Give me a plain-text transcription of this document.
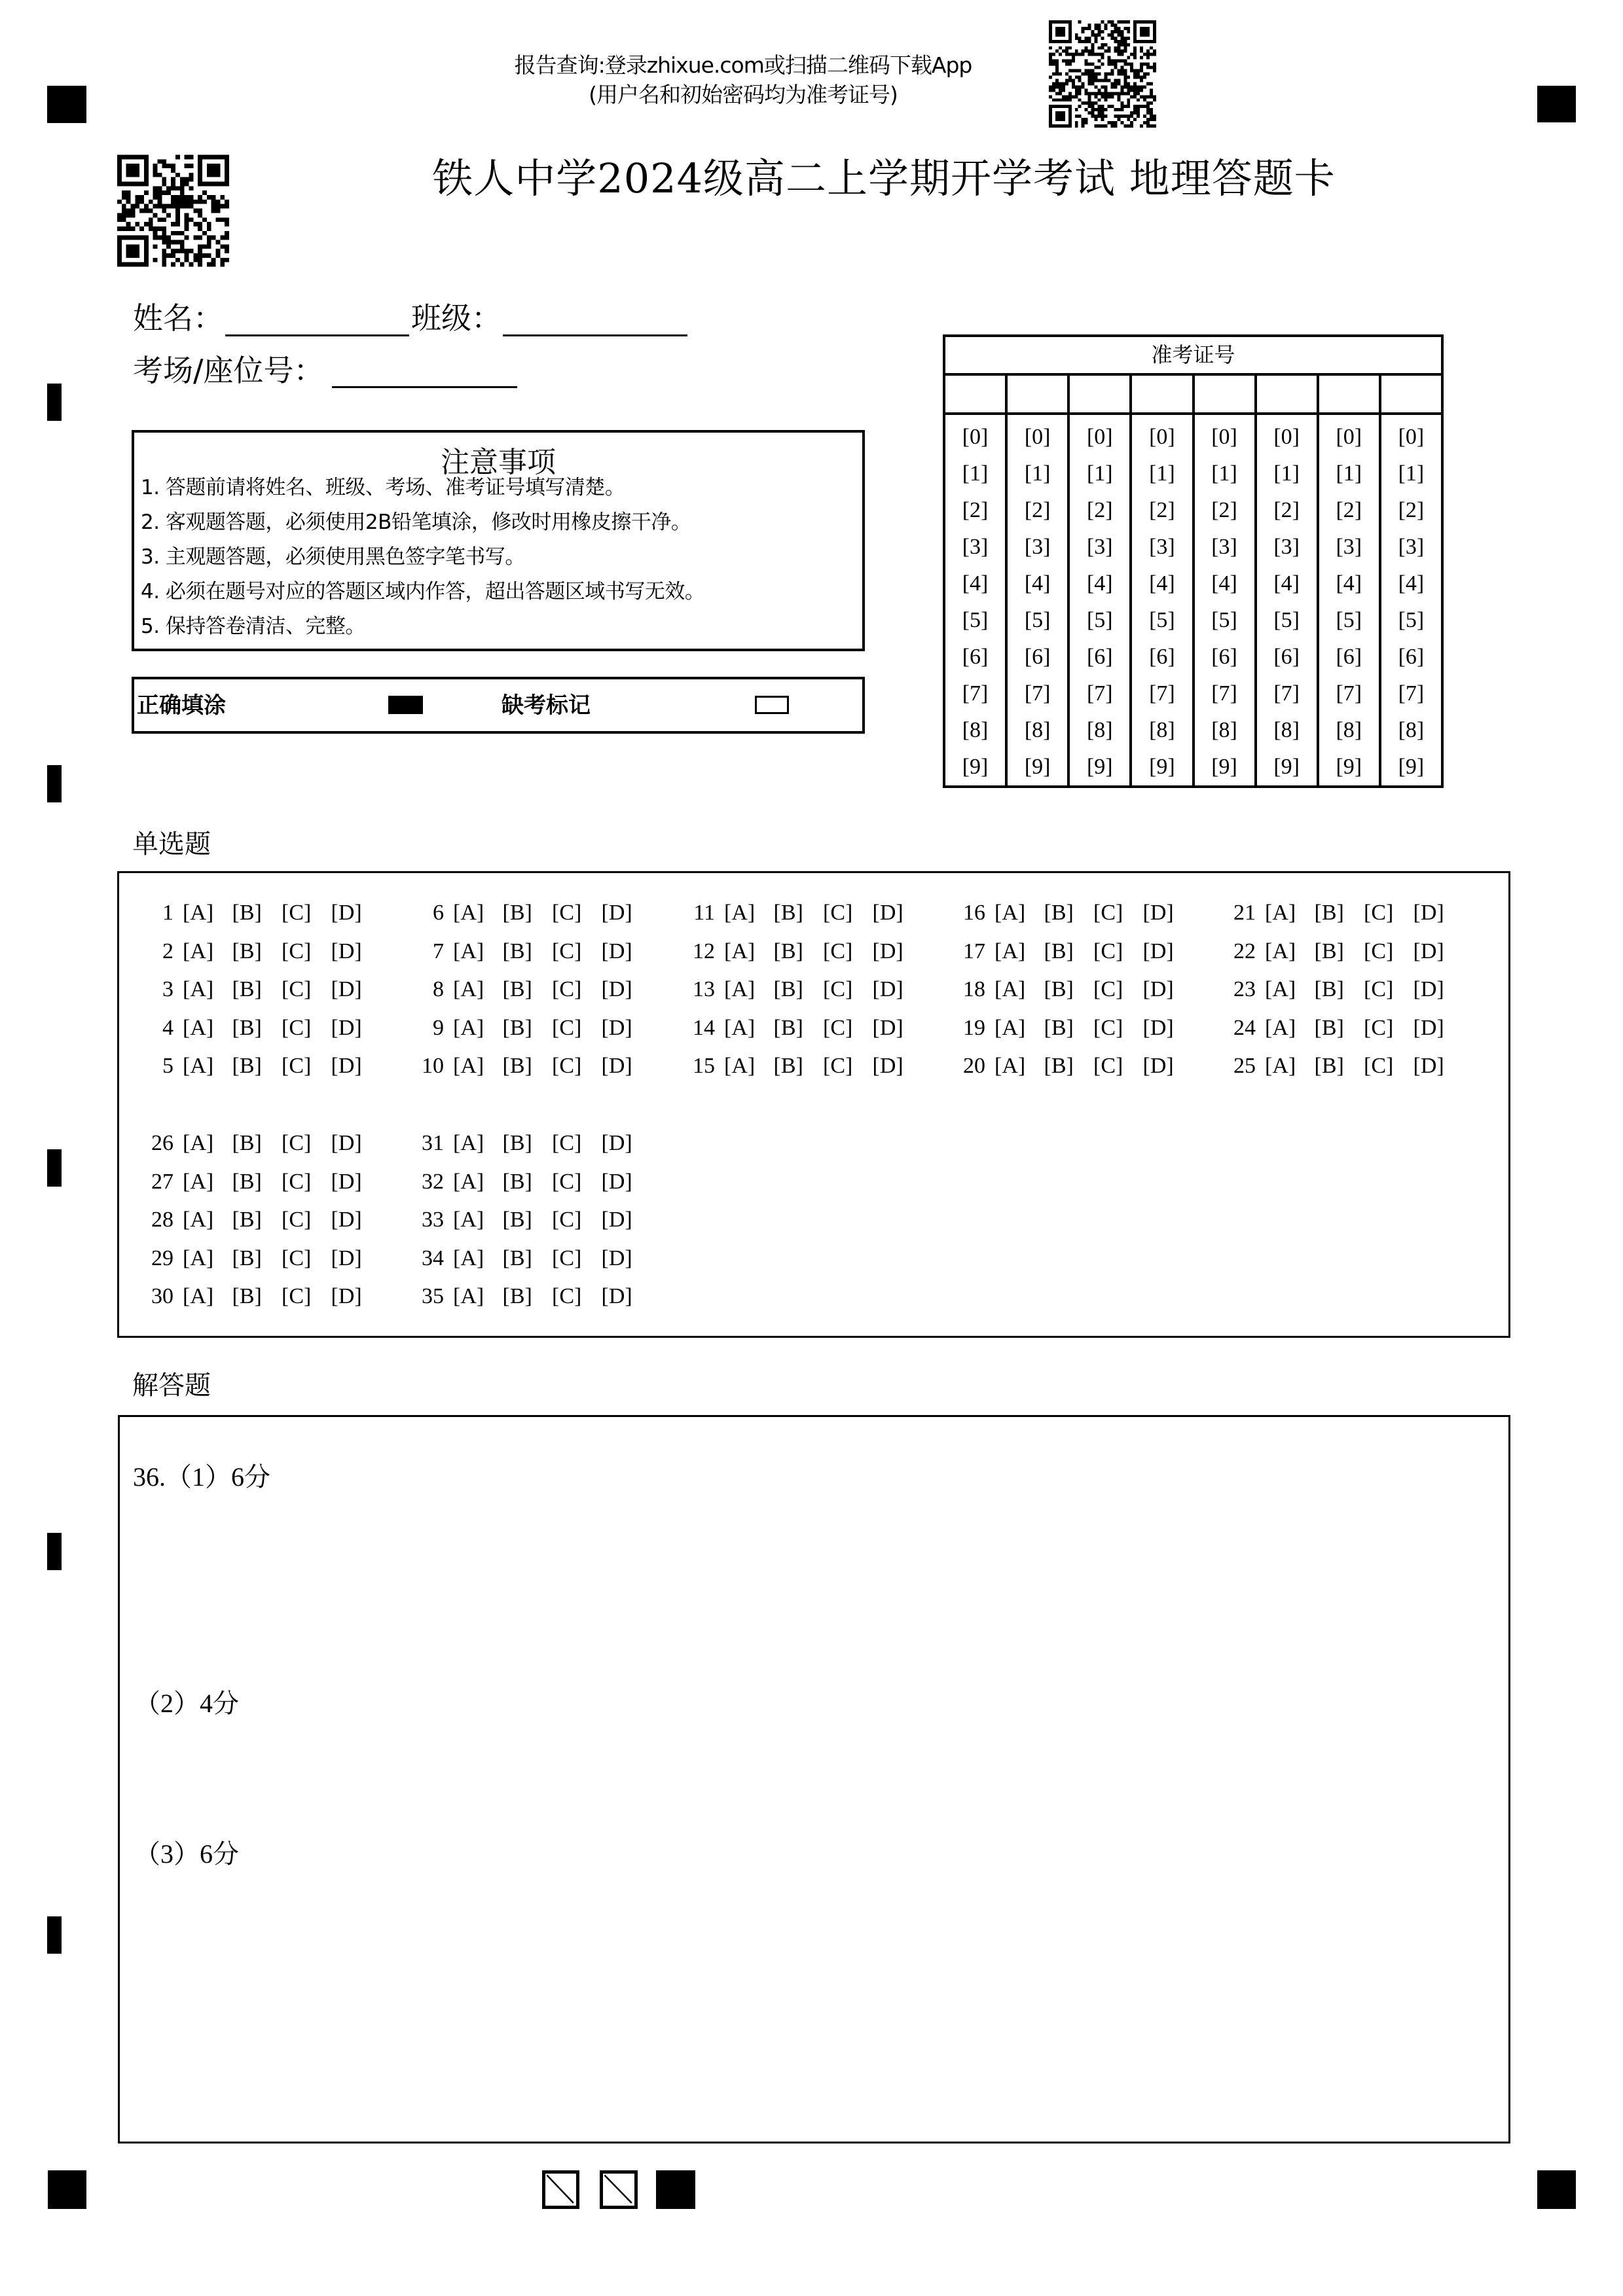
报告查询:登录zhixue.com或扫描二维码下载App
(用户名和初始密码均为准考证号)
铁人中学2024级高二上学期开学考试 地理答题卡
姓名：	班级：
考场/座位号：
注意事项
1. 答题前请将姓名、班级、考场、准考证号填写清楚。
2. 客观题答题，必须使用2B铅笔填涂，修改时用橡皮擦干净。
3. 主观题答题，必须使用黑色签字笔书写。
4. 必须在题号对应的答题区域内作答，超出答题区域书写无效。
5. 保持答卷清洁、完整。
正确填涂	缺考标记
准考证号
[0]
[1]
[2]
[3]
[4]
[5]
[6]
[7]
[8]
[9]
[0]
[1]
[2]
[3]
[4]
[5]
[6]
[7]
[8]
[9]
[0]
[1]
[2]
[3]
[4]
[5]
[6]
[7]
[8]
[9]
[0]
[1]
[2]
[3]
[4]
[5]
[6]
[7]
[8]
[9]
[0]
[1]
[2]
[3]
[4]
[5]
[6]
[7]
[8]
[9]
[0]
[1]
[2]
[3]
[4]
[5]
[6]
[7]
[8]
[9]
[0]
[1]
[2]
[3]
[4]
[5]
[6]
[7]
[8]
[9]
[0]
[1]
[2]
[3]
[4]
[5]
[6]
[7]
[8]
[9]
单选题
1 [A] [B] [C] [D]
2 [A] [B] [C] [D]
3 [A] [B] [C] [D]
4 [A] [B] [C] [D]
5 [A] [B] [C] [D]
6 [A] [B] [C] [D]
7 [A] [B] [C] [D]
8 [A] [B] [C] [D]
9 [A] [B] [C] [D]
10 [A] [B] [C] [D]
11 [A] [B] [C] [D]
12 [A] [B] [C] [D]
13 [A] [B] [C] [D]
14 [A] [B] [C] [D]
15 [A] [B] [C] [D]
16 [A] [B] [C] [D]
17 [A] [B] [C] [D]
18 [A] [B] [C] [D]
19 [A] [B] [C] [D]
20 [A] [B] [C] [D]
21 [A] [B] [C] [D]
22 [A] [B] [C] [D]
23 [A] [B] [C] [D]
24 [A] [B] [C] [D]
25 [A] [B] [C] [D]
26 [A] [B] [C] [D]
27 [A] [B] [C] [D]
28 [A] [B] [C] [D]
29 [A] [B] [C] [D]
30 [A] [B] [C] [D]
31 [A] [B] [C] [D]
32 [A] [B] [C] [D]
33 [A] [B] [C] [D]
34 [A] [B] [C] [D]
35 [A] [B] [C] [D]
解答题
36.（1）6分
（2）4分
（3）6分
